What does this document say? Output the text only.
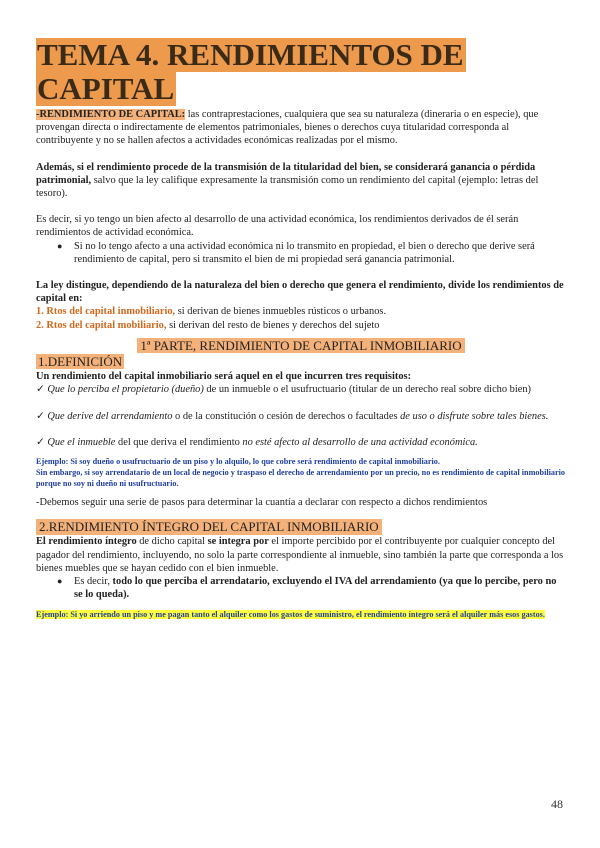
TEMA 4. RENDIMIENTOS DE
CAPITAL

-RENDIMIENTO DE CAPITAL: las contraprestaciones, cualquiera que sea su naturaleza (dineraria o en especie), que provengan directa o indirectamente de elementos patrimoniales, bienes o derechos cuya titularidad corresponda al contribuyente y no se hallen afectos a actividades económicas realizadas por el mismo.

Además, si el rendimiento procede de la transmisión de la titularidad del bien, se considerará ganancia o pérdida patrimonial, salvo que la ley califique expresamente la transmisión como un rendimiento del capital (ejemplo: letras del tesoro).

Es decir, si yo tengo un bien afecto al desarrollo de una actividad económica, los rendimientos derivados de él serán rendimientos de actividad económica.

● Si no lo tengo afecto a una actividad económica ni lo transmito en propiedad, el bien o derecho que derive será rendimiento de capital, pero si transmito el bien de mi propiedad será ganancia patrimonial.

La ley distingue, dependiendo de la naturaleza del bien o derecho que genera el rendimiento, divide los rendimientos de capital en:

1. Rtos del capital inmobiliario, si derivan de bienes inmuebles rústicos o urbanos.

2. Rtos del capital mobiliario, si derivan del resto de bienes y derechos del sujeto

1ª PARTE, RENDIMIENTO DE CAPITAL INMOBILIARIO
1.DEFINICIÓN

Un rendimiento del capital inmobiliario será aquel en el que incurren tres requisitos:

✓ Que lo perciba el propietario (dueño) de un inmueble o el usufructuario (titular de un derecho real sobre dicho bien)

✓ Que derive del arrendamiento o de la constitución o cesión de derechos o facultades de uso o disfrute sobre tales bienes.

✓ Que el inmueble del que deriva el rendimiento no esté afecto al desarrollo de una actividad económica.

Ejemplo: Si soy dueño o usufructuario de un piso y lo alquilo, lo que cobre será rendimiento de capital inmobiliario.
Sin embargo, si soy arrendatario de un local de negocio y traspaso el derecho de arrendamiento por un precio, no es rendimiento de capital inmobiliario porque no soy ni dueño ni usufructuario.

-Debemos seguir una serie de pasos para determinar la cuantía a declarar con respecto a dichos rendimientos

2.RENDIMIENTO ÍNTEGRO DEL CAPITAL INMOBILIARIO

El rendimiento íntegro de dicho capital se integra por el importe percibido por el contribuyente por cualquier concepto del pagador del rendimiento, incluyendo, no solo la parte correspondiente al inmueble, sino también la parte que corresponda a los bienes muebles que se hayan cedido con el bien inmueble.

● Es decir, todo lo que perciba el arrendatario, excluyendo el IVA del arrendamiento (ya que lo percibe, pero no se lo queda).

Ejemplo: Si yo arriendo un piso y me pagan tanto el alquiler como los gastos de suministro, el rendimiento íntegro será el alquiler más esos gastos.

48
